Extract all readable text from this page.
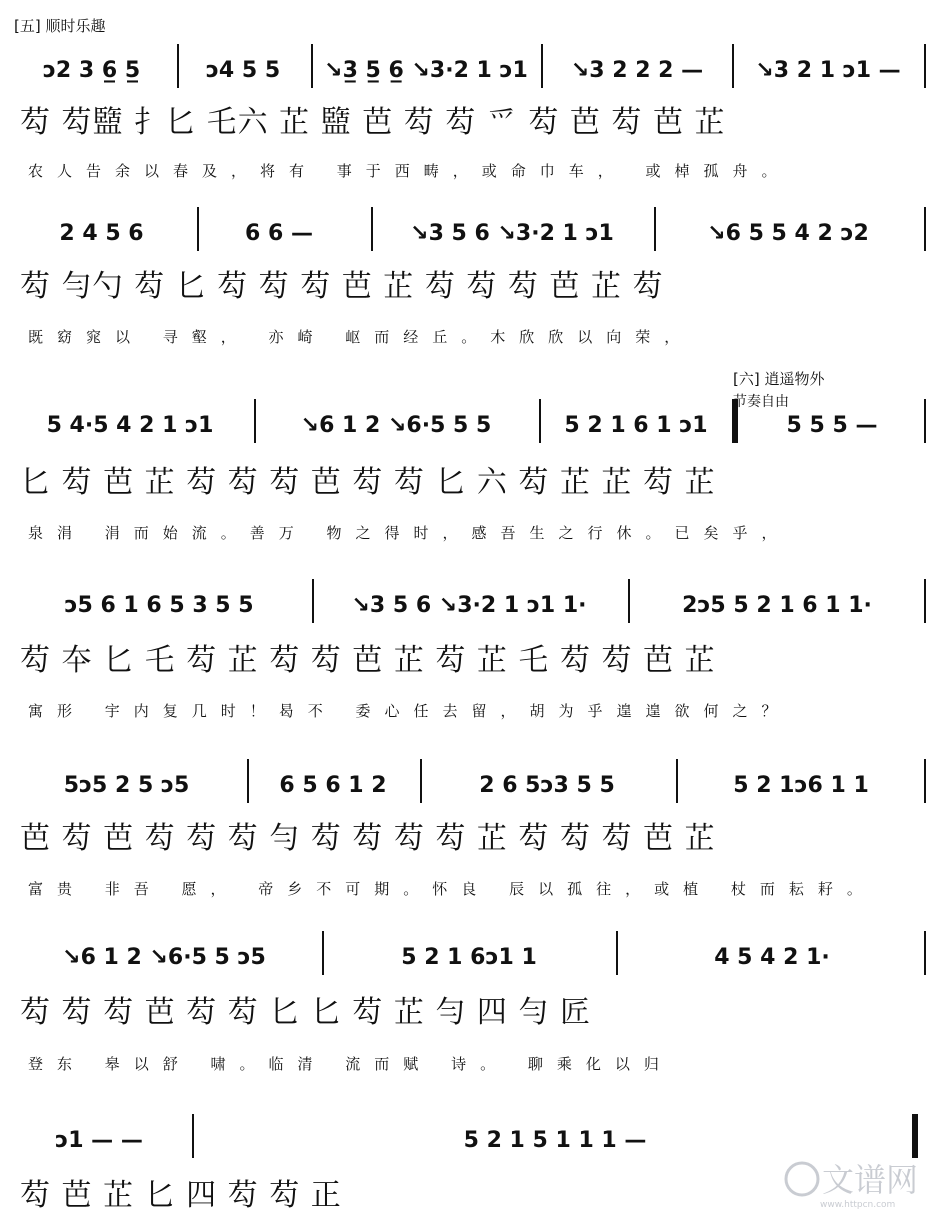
[五] 顺时乐趣
[六] 逍遥物外
节奏自由
ↄ2 3 6̲ 5̲	ↄ4 5 5	↘3̲ 5̲ 6̲ ↘3·2 1 ↄ1	↘3 2 2 2 —	↘3 2 1 ↄ1 —
芶 芶盬 扌匕 乇六 芷 盬 芭 芶 芶 爫 芶 芭 芶 芭 芷
农人告余以春及，将有 事于西畴，或命巾车， 或棹孤舟。
2 4 5 6	6 6 —	↘3 5 6 ↘3·2 1 ↄ1	↘6 5 5 4 2 ↄ2
芶 勻勺 芶 匕 芶 芶 芶 芭 芷 芶 芶 芶 芭 芷 芶
既窈窕以 寻壑， 亦崎 岖而经丘。木欣欣以向荣，
5 4·5 4 2 1 ↄ1	↘6 1 2 ↘6·5 5 5	5 2 1 6 1 ↄ1	5 5 5 —
匕 芶 芭 芷 芶 芶 芶 芭 芶 芶 匕 六 芶 芷 芷 芶 芷
泉涓 涓而始流。善万 物之得时，感吾生之行休。已矣乎，
ↄ5 6 1 6 5 3 5 5	↘3 5 6 ↘3·2 1 ↄ1 1·	2ↄ5 5 2 1 6 1 1·
芶 夲 匕 乇 芶 芷 芶 芶 芭 芷 芶 芷 乇 芶 芶 芭 芷
寓形 宇内复几时！曷不 委心任去留，胡为乎遑遑欲何之？
5ↄ5 2 5 ↄ5	6 5 6 1 2	2 6 5ↄ3 5 5	5 2 1ↄ6 1 1
芭 芶 芭 芶 芶 芶 勻 芶 芶 芶 芶 芷 芶 芶 芶 芭 芷
富贵 非吾 愿， 帝乡不可期。怀良 辰以孤往，或植 杖而耘耔。
↘6 1 2 ↘6·5 5 ↄ5	5 2 1 6ↄ1 1	4 5 4 2 1·
芶 芶 芶 芭 芶 芶 匕 匕 芶 芷 勻 四 勻 匠
登东 皋以舒 啸。临清 流而赋 诗。 聊乘化以归
ↄ1 — —	5 2 1 5 1 1 1 —
芶 芭 芷 匕 四 芶 芶 正	文谱网
www.httpcn.com
